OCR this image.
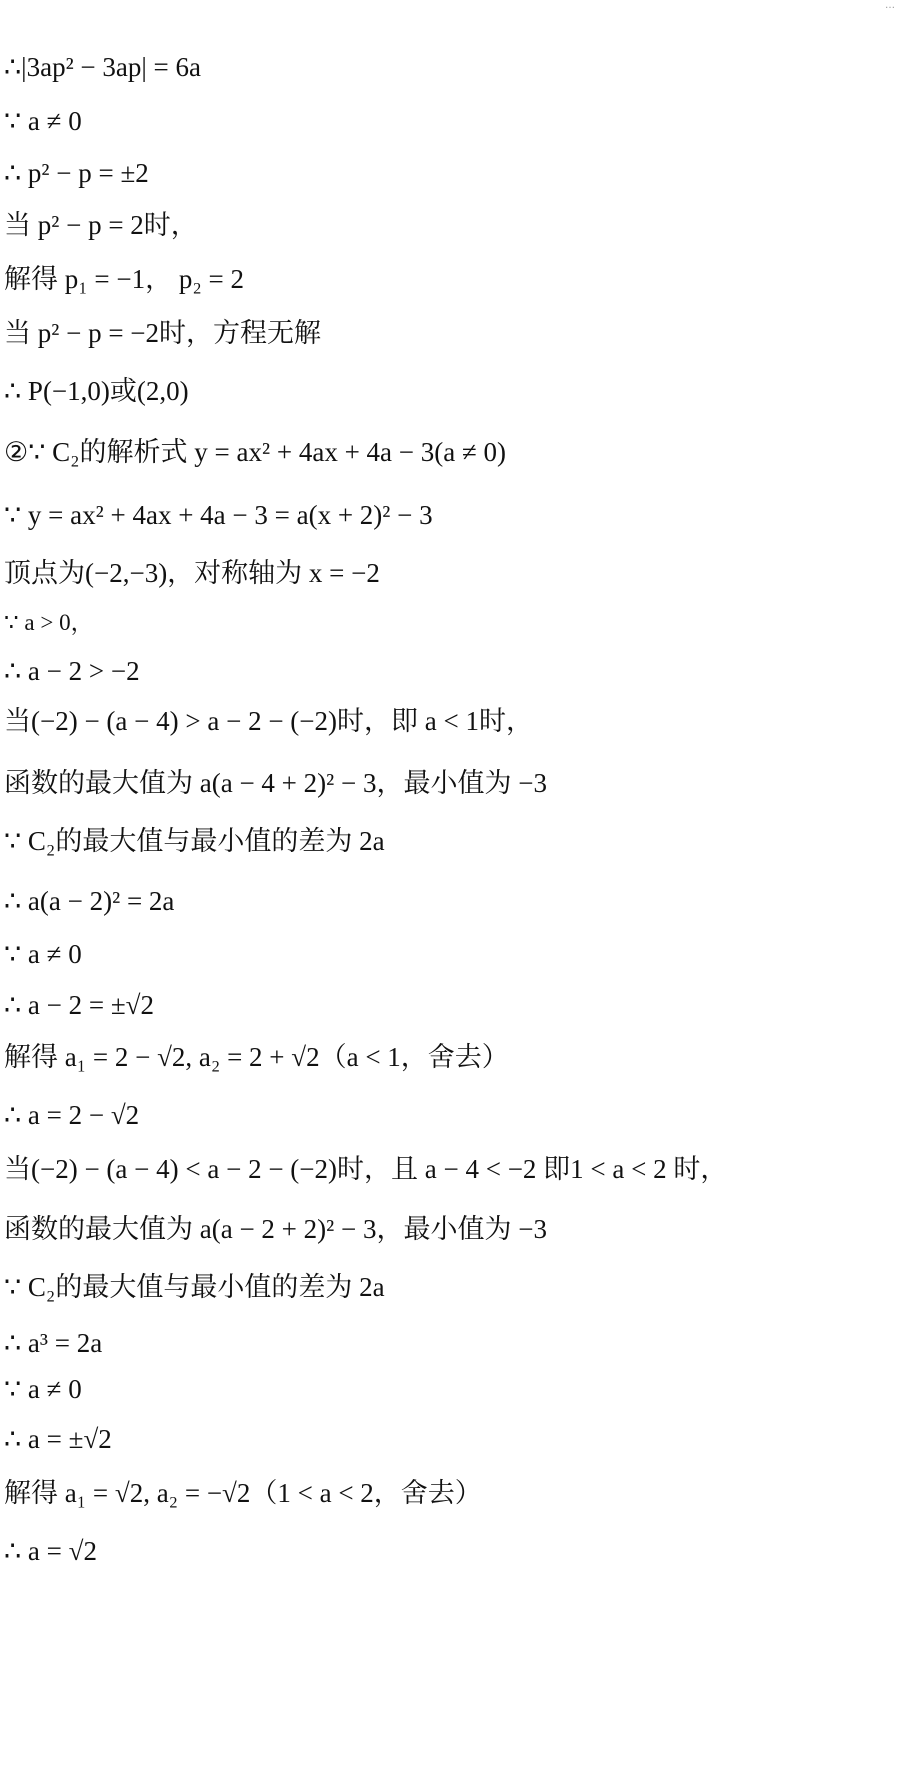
…
∴|3ap² − 3ap| = 6a
∵ a ≠ 0
∴ p² − p = ±2
当 p² − p = 2时，
解得 p₁ = −1， p₂ = 2
当 p² − p = −2时，方程无解
∴ P(−1,0)或(2,0)
②∵ C₂的解析式 y = ax² + 4ax + 4a − 3(a ≠ 0)
∵ y = ax² + 4ax + 4a − 3 = a(x + 2)² − 3
顶点为(−2,−3)，对称轴为 x = −2
∵ a > 0，
∴ a − 2 > −2
当(−2) − (a − 4) > a − 2 − (−2)时，即 a < 1时，
函数的最大值为 a(a − 4 + 2)² − 3，最小值为 −3
∵ C₂的最大值与最小值的差为 2a
∴ a(a − 2)² = 2a
∵ a ≠ 0
∴ a − 2 = ±√2
解得 a₁ = 2 − √2, a₂ = 2 + √2（a < 1，舍去）
∴ a = 2 − √2
当(−2) − (a − 4) < a − 2 − (−2)时，且 a − 4 < −2 即1 < a < 2 时，
函数的最大值为 a(a − 2 + 2)² − 3，最小值为 −3
∵ C₂的最大值与最小值的差为 2a
∴ a³ = 2a
∵ a ≠ 0
∴ a = ±√2
解得 a₁ = √2, a₂ = −√2（1 < a < 2，舍去）
∴ a = √2
